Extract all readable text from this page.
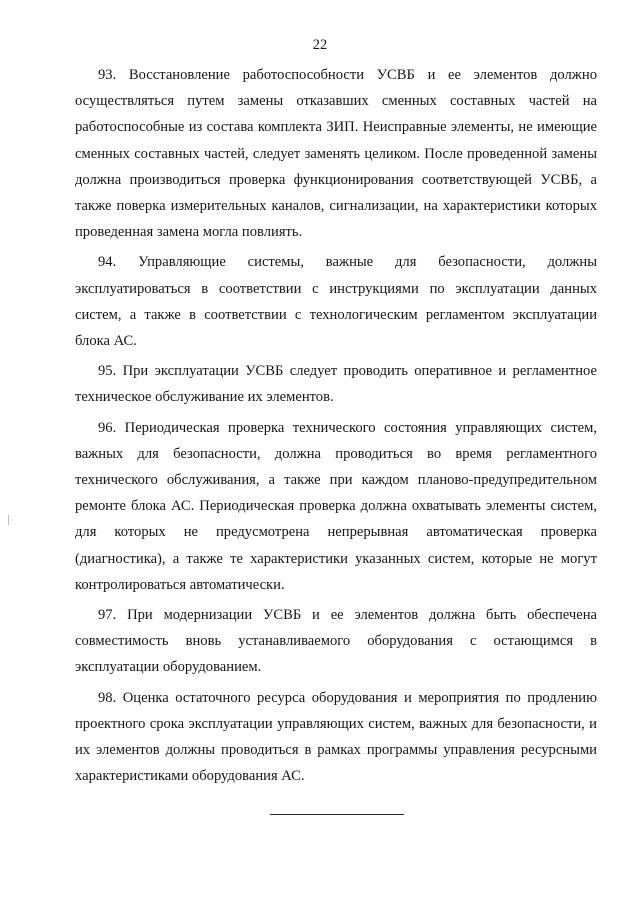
22

93. Восстановление работоспособности УСВБ и ее элементов должно осуществляться путем замены отказавших сменных составных частей на работоспособные из состава комплекта ЗИП. Неисправные элементы, не имеющие сменных составных частей, следует заменять целиком. После проведенной замены должна производиться проверка функционирования соответствующей УСВБ, а также поверка измерительных каналов, сигнализации, на характеристики которых проведенная замена могла повлиять.

94. Управляющие системы, важные для безопасности, должны эксплуатироваться в соответствии с инструкциями по эксплуатации данных систем, а также в соответствии с технологическим регламентом эксплуатации блока АС.

95. При эксплуатации УСВБ следует проводить оперативное и регламентное техническое обслуживание их элементов.

96. Периодическая проверка технического состояния управляющих систем, важных для безопасности, должна проводиться во время регламентного технического обслуживания, а также при каждом планово-предупредительном ремонте блока АС. Периодическая проверка должна охватывать элементы систем, для которых не предусмотрена непрерывная автоматическая проверка (диагностика), а также те характеристики указанных систем, которые не могут контролироваться автоматически.

97. При модернизации УСВБ и ее элементов должна быть обеспечена совместимость вновь устанавливаемого оборудования с остающимся в эксплуатации оборудованием.

98. Оценка остаточного ресурса оборудования и мероприятия по продлению проектного срока эксплуатации управляющих систем, важных для безопасности, и их элементов должны проводиться в рамках программы управления ресурсными характеристиками оборудования АС.
